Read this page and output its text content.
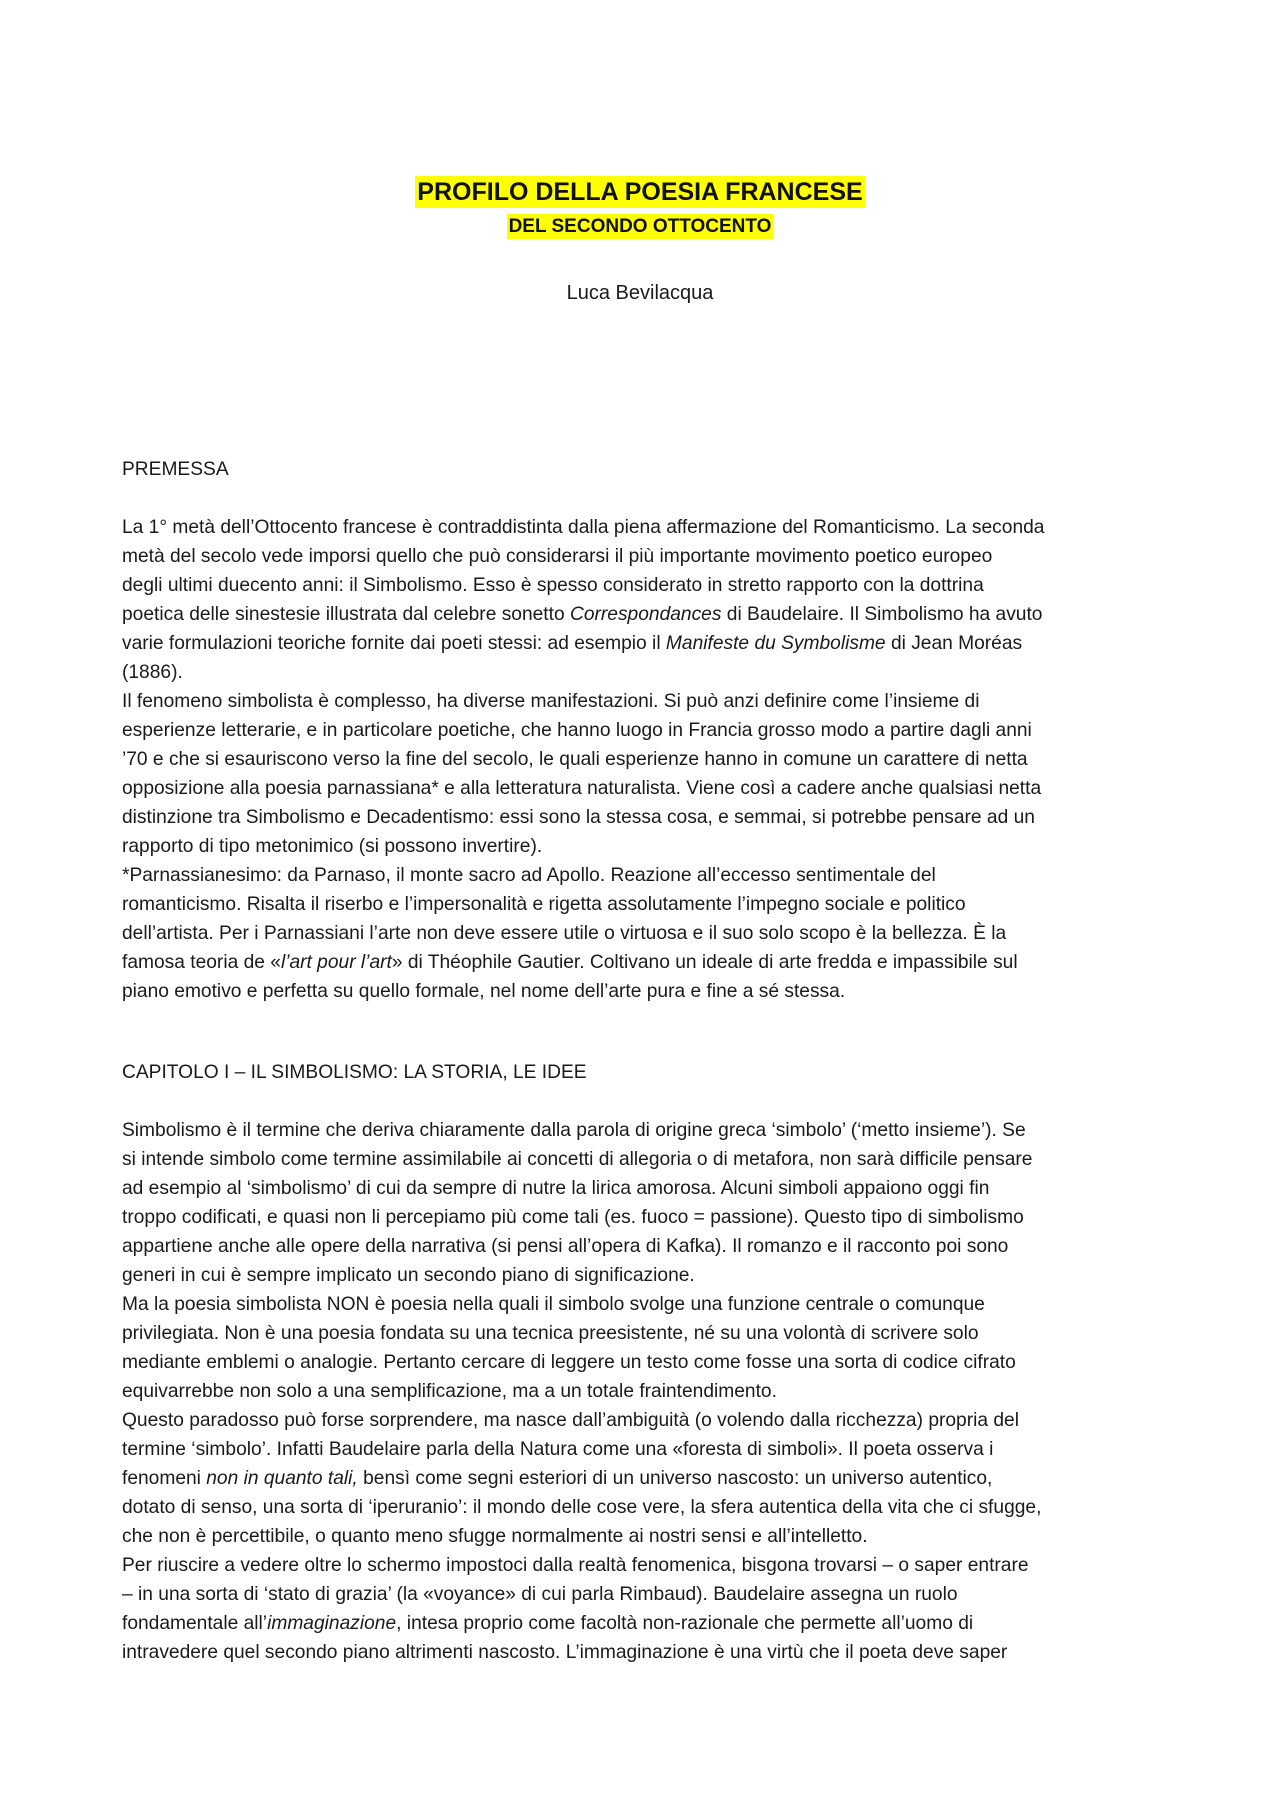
PROFILO DELLA POESIA FRANCESE
DEL SECONDO OTTOCENTO
Luca Bevilacqua

PREMESSA

La 1° metà dell’Ottocento francese è contraddistinta dalla piena affermazione del Romanticismo. La seconda
metà del secolo vede imporsi quello che può considerarsi il più importante movimento poetico europeo
degli ultimi duecento anni: il Simbolismo. Esso è spesso considerato in stretto rapporto con la dottrina
poetica delle sinestesie illustrata dal celebre sonetto Correspondances di Baudelaire. Il Simbolismo ha avuto
varie formulazioni teoriche fornite dai poeti stessi: ad esempio il Manifeste du Symbolisme di Jean Moréas
(1886).

Il fenomeno simbolista è complesso, ha diverse manifestazioni. Si può anzi definire come l’insieme di
esperienze letterarie, e in particolare poetiche, che hanno luogo in Francia grosso modo a partire dagli anni
’70 e che si esauriscono verso la fine del secolo, le quali esperienze hanno in comune un carattere di netta
opposizione alla poesia parnassiana* e alla letteratura naturalista. Viene così a cadere anche qualsiasi netta
distinzione tra Simbolismo e Decadentismo: essi sono la stessa cosa, e semmai, si potrebbe pensare ad un
rapporto di tipo metonimico (si possono invertire).

*Parnassianesimo: da Parnaso, il monte sacro ad Apollo. Reazione all’eccesso sentimentale del
romanticismo. Risalta il riserbo e l’impersonalità e rigetta assolutamente l’impegno sociale e politico
dell’artista. Per i Parnassiani l’arte non deve essere utile o virtuosa e il suo solo scopo è la bellezza. È la
famosa teoria de «l’art pour l’art» di Théophile Gautier. Coltivano un ideale di arte fredda e impassibile sul
piano emotivo e perfetta su quello formale, nel nome dell’arte pura e fine a sé stessa.

CAPITOLO I – IL SIMBOLISMO: LA STORIA, LE IDEE

Simbolismo è il termine che deriva chiaramente dalla parola di origine greca ‘simbolo’ (‘metto insieme’). Se
si intende simbolo come termine assimilabile ai concetti di allegoria o di metafora, non sarà difficile pensare
ad esempio al ‘simbolismo’ di cui da sempre di nutre la lirica amorosa. Alcuni simboli appaiono oggi fin
troppo codificati, e quasi non li percepiamo più come tali (es. fuoco = passione). Questo tipo di simbolismo
appartiene anche alle opere della narrativa (si pensi all’opera di Kafka). Il romanzo e il racconto poi sono
generi in cui è sempre implicato un secondo piano di significazione.

Ma la poesia simbolista NON è poesia nella quali il simbolo svolge una funzione centrale o comunque
privilegiata. Non è una poesia fondata su una tecnica preesistente, né su una volontà di scrivere solo
mediante emblemi o analogie. Pertanto cercare di leggere un testo come fosse una sorta di codice cifrato
equivarrebbe non solo a una semplificazione, ma a un totale fraintendimento.

Questo paradosso può forse sorprendere, ma nasce dall’ambiguità (o volendo dalla ricchezza) propria del
termine ‘simbolo’. Infatti Baudelaire parla della Natura come una «foresta di simboli». Il poeta osserva i
fenomeni non in quanto tali, bensì come segni esteriori di un universo nascosto: un universo autentico,
dotato di senso, una sorta di ‘iperuranio’: il mondo delle cose vere, la sfera autentica della vita che ci sfugge,
che non è percettibile, o quanto meno sfugge normalmente ai nostri sensi e all’intelletto.

Per riuscire a vedere oltre lo schermo impostoci dalla realtà fenomenica, bisgona trovarsi – o saper entrare
– in una sorta di ‘stato di grazia’ (la «voyance» di cui parla Rimbaud). Baudelaire assegna un ruolo
fondamentale all’immaginazione, intesa proprio come facoltà non-razionale che permette all’uomo di
intravedere quel secondo piano altrimenti nascosto. L’immaginazione è una virtù che il poeta deve saper
